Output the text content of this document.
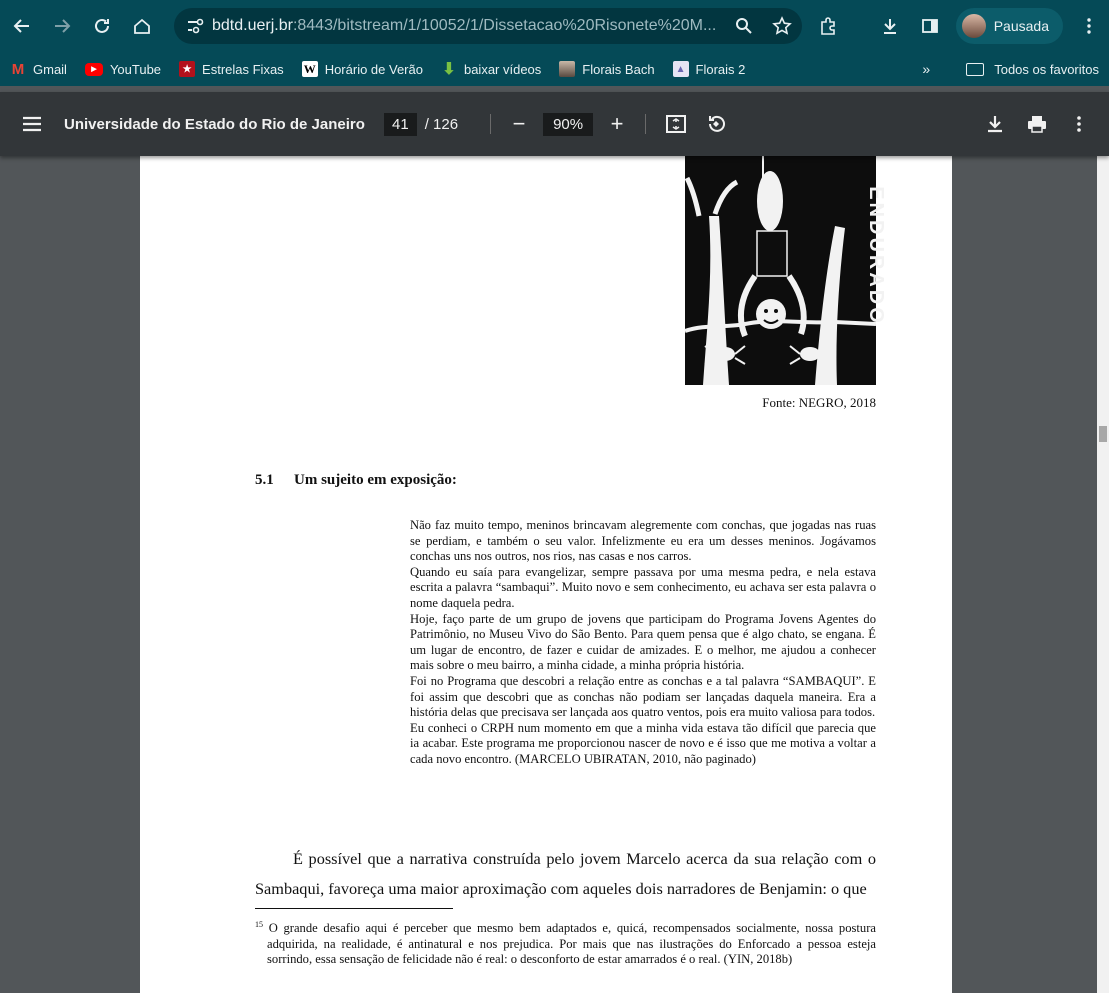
bdtd.uerj.br:8443/bitstream/1/10052/1/Dissetacao%20Risonete%20M...	Pausada
M Gmail	▶	YouTube	★ Estrelas Fixas W Horário de Verão ⬇ baixar vídeos	Florais Bach	▲ Florais 2	»	Todos os favoritos
Universidade do Estado do Rio de Janeiro	41	/ 126 −	90%	+
ENDURADO
Fonte: NEGRO, 2018
5.1 Um sujeito em exposição:

Não faz muito tempo, meninos brincavam alegremente com conchas, que jogadas nas ruas se perdiam, e também o seu valor. Infelizmente eu era um desses meninos. Jogávamos conchas uns nos outros, nos rios, nas casas e nos carros.

Quando eu saía para evangelizar, sempre passava por uma mesma pedra, e nela estava escrita a palavra “sambaqui”. Muito novo e sem conhecimento, eu achava ser esta palavra o nome daquela pedra.

Hoje, faço parte de um grupo de jovens que participam do Programa Jovens Agentes do Patrimônio, no Museu Vivo do São Bento. Para quem pensa que é algo chato, se engana. É um lugar de encontro, de fazer e cuidar de amizades. E o melhor, me ajudou a conhecer mais sobre o meu bairro, a minha cidade, a minha própria história.

Foi no Programa que descobri a relação entre as conchas e a tal palavra “SAMBAQUI”. E foi assim que descobri que as conchas não podiam ser lançadas daquela maneira. Era a história delas que precisava ser lançada aos quatro ventos, pois era muito valiosa para todos.

Eu conheci o CRPH num momento em que a minha vida estava tão difícil que parecia que ia acabar. Este programa me proporcionou nascer de novo e é isso que me motiva a voltar a cada novo encontro. (MARCELO UBIRATAN, 2010, não paginado)

É possível que a narrativa construída pelo jovem Marcelo acerca da sua relação com o Sambaqui, favoreça uma maior aproximação com aqueles dois narradores de Benjamin: o que
$^{15}$ O grande desafio aqui é perceber que mesmo bem adaptados e, quicá, recompensados socialmente, nossa postura adquirida, na realidade, é antinatural e nos prejudica. Por mais que nas ilustrações do Enforcado a pessoa esteja sorrindo, essa sensação de felicidade não é real: o desconforto de estar amarrados é o real. (YIN, 2018b)
